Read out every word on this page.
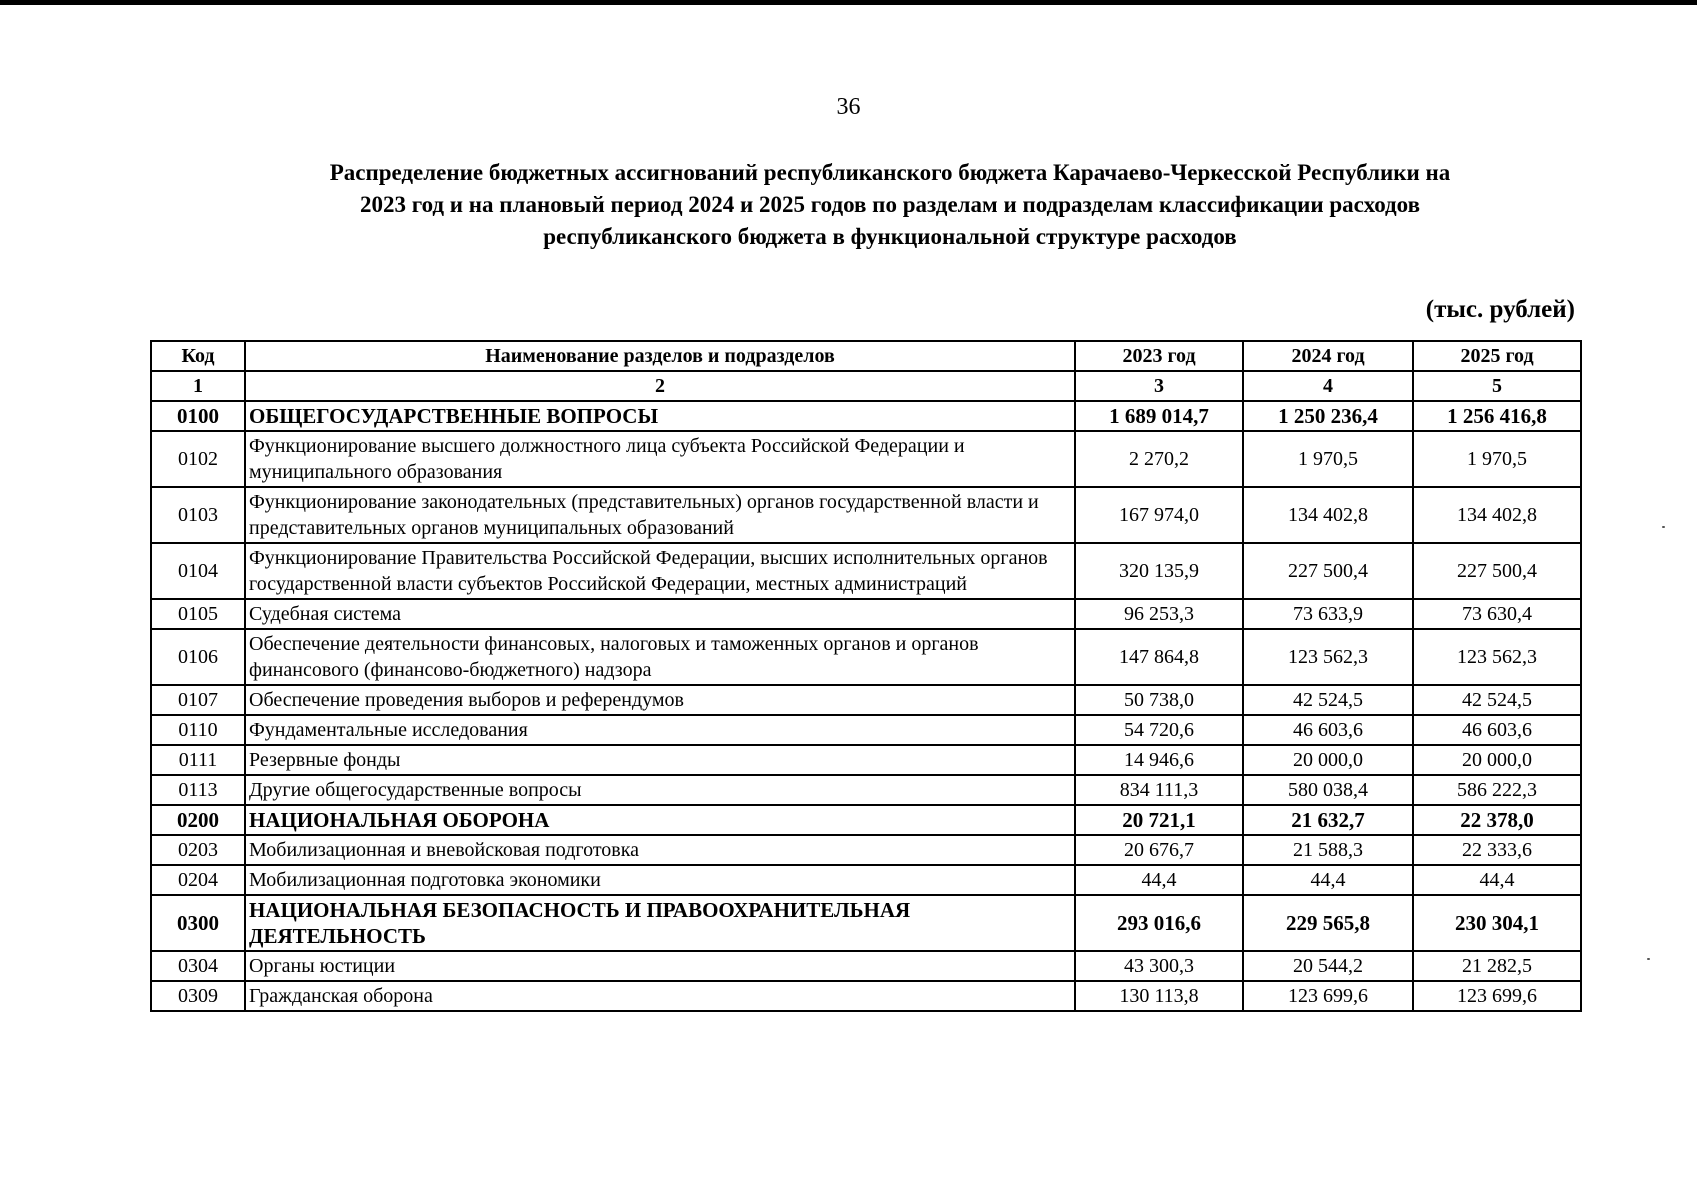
36
Распределение бюджетных ассигнований республиканского бюджета Карачаево-Черкесской Республики на
2023 год и на плановый период 2024 и 2025 годов по разделам и подразделам классификации расходов
республиканского бюджета в функциональной структуре расходов
(тыс. рублей)
Код	Наименование разделов и подразделов	2023 год	2024 год	2025 год
1	2	3	4	5
0100	ОБЩЕГОСУДАРСТВЕННЫЕ ВОПРОСЫ	1 689 014,7	1 250 236,4	1 256 416,8
0102	Функционирование высшего должностного лица субъекта Российской Федерации и муниципального образования	2 270,2	1 970,5	1 970,5
0103	Функционирование законодательных (представительных) органов государственной власти и представительных органов муниципальных образований	167 974,0	134 402,8	134 402,8
0104	Функционирование Правительства Российской Федерации, высших исполнительных органов государственной власти субъектов Российской Федерации, местных администраций	320 135,9	227 500,4	227 500,4
0105	Судебная система	96 253,3	73 633,9	73 630,4
0106	Обеспечение деятельности финансовых, налоговых и таможенных органов и органов финансового (финансово-бюджетного) надзора	147 864,8	123 562,3	123 562,3
0107	Обеспечение проведения выборов и референдумов	50 738,0	42 524,5	42 524,5
0110	Фундаментальные исследования	54 720,6	46 603,6	46 603,6
0111	Резервные фонды	14 946,6	20 000,0	20 000,0
0113	Другие общегосударственные вопросы	834 111,3	580 038,4	586 222,3
0200	НАЦИОНАЛЬНАЯ ОБОРОНА	20 721,1	21 632,7	22 378,0
0203	Мобилизационная и вневойсковая подготовка	20 676,7	21 588,3	22 333,6
0204	Мобилизационная подготовка экономики	44,4	44,4	44,4
0300	НАЦИОНАЛЬНАЯ БЕЗОПАСНОСТЬ И ПРАВООХРАНИТЕЛЬНАЯ ДЕЯТЕЛЬНОСТЬ	293 016,6	229 565,8	230 304,1
0304	Органы юстиции	43 300,3	20 544,2	21 282,5
0309	Гражданская оборона	130 113,8	123 699,6	123 699,6
